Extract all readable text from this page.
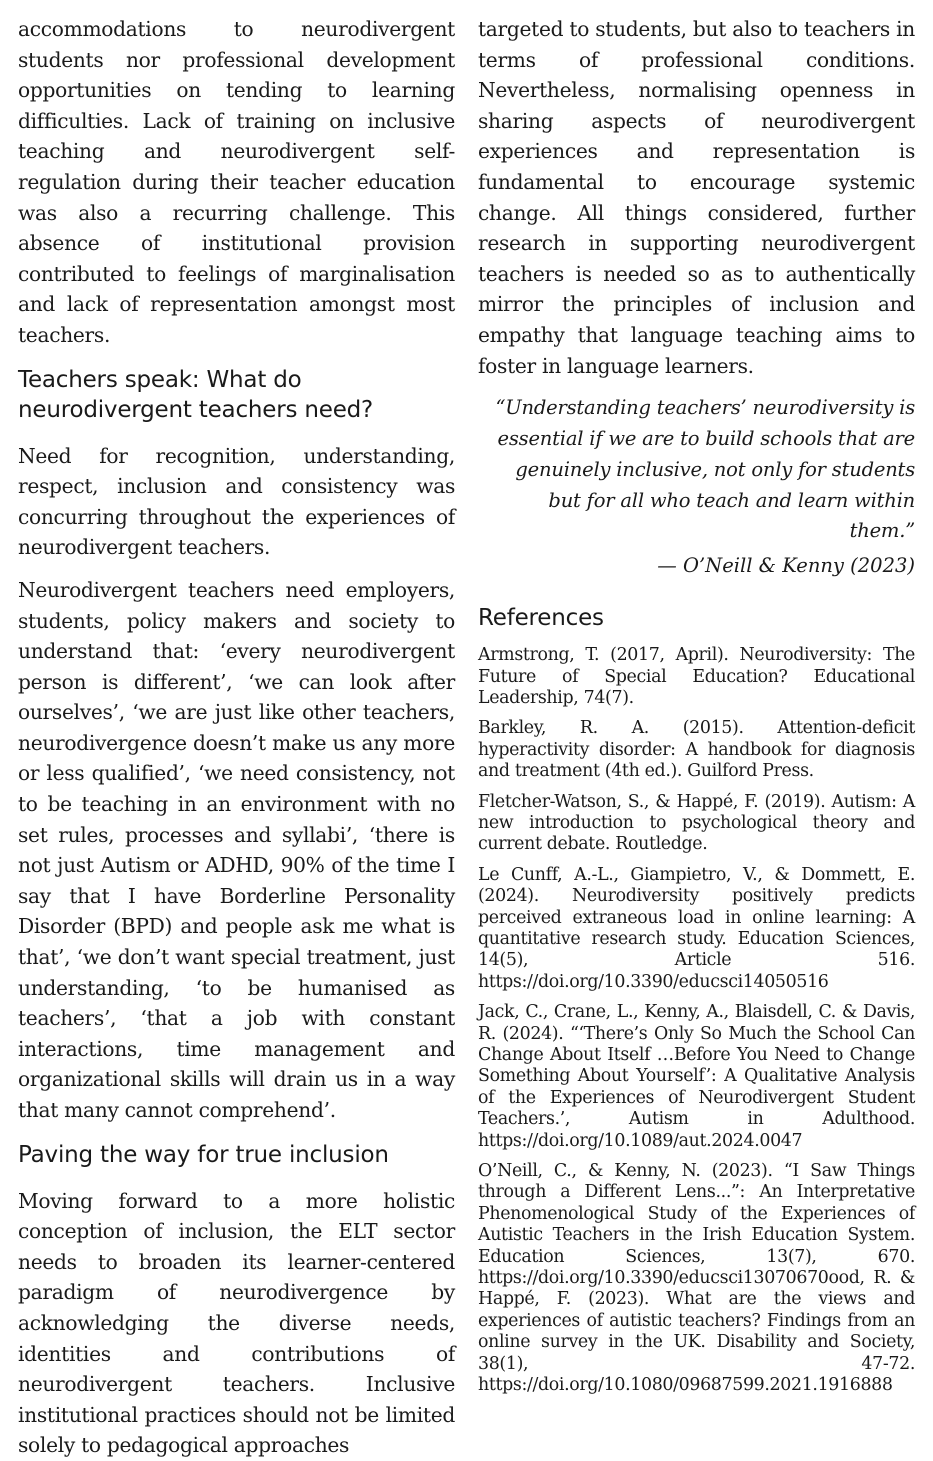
accommodations to neurodivergent students nor professional development opportunities on tending to learning difficulties. Lack of training on inclusive teaching and neurodivergent self-regulation during their teacher education was also a recurring challenge. This absence of institutional provision contributed to feelings of marginalisation and lack of representation amongst most teachers.

Teachers speak: What do neurodivergent teachers need?

Need for recognition, understanding, respect, inclusion and consistency was concurring throughout the experiences of neurodivergent teachers.

Neurodivergent teachers need employers, students, policy makers and society to understand that: ‘every neurodivergent person is different’, ‘we can look after ourselves’, ‘we are just like other teachers, neurodivergence doesn’t make us any more or less qualified’, ‘we need consistency, not to be teaching in an environment with no set rules, processes and syllabi’, ‘there is not just Autism or ADHD, 90% of the time I say that I have Borderline Personality Disorder (BPD) and people ask me what is that’, ‘we don’t want special treatment, just understanding, ‘to be humanised as teachers’, ‘that a job with constant interactions, time management and organizational skills will drain us in a way that many cannot comprehend’.

Paving the way for true inclusion

Moving forward to a more holistic conception of inclusion, the ELT sector needs to broaden its learner-centered paradigm of neurodivergence by acknowledging the diverse needs, identities and contributions of neurodivergent teachers. Inclusive institutional practices should not be limited solely to pedagogical approaches

targeted to students, but also to teachers in terms of professional conditions. Nevertheless, normalising openness in sharing aspects of neurodivergent experiences and representation is fundamental to encourage systemic change. All things considered, further research in supporting neurodivergent teachers is needed so as to authentically mirror the principles of inclusion and empathy that language teaching aims to foster in language learners.

“Understanding teachers’ neurodiversity is essential if we are to build schools that are genuinely inclusive, not only for students but for all who teach and learn within them.”

— O’Neill & Kenny (2023)

References
Armstrong, T. (2017, April). Neurodiversity: The Future of Special Education? Educational Leadership, 74(7).
Barkley, R. A. (2015). Attention-deficit hyperactivity disorder: A handbook for diagnosis and treatment (4th ed.). Guilford Press.
Fletcher-Watson, S., & Happé, F. (2019). Autism: A new introduction to psychological theory and current debate. Routledge.
Le Cunff, A.-L., Giampietro, V., & Dommett, E. (2024). Neurodiversity positively predicts perceived extraneous load in online learning: A quantitative research study. Education Sciences, 14(5), Article 516. https://doi.org/10.3390/educsci14050516
Jack, C., Crane, L., Kenny, A., Blaisdell, C. & Davis, R. (2024). “‘There’s Only So Much the School Can Change About Itself …Before You Need to Change Something About Yourself’: A Qualitative Analysis of the Experiences of Neurodivergent Student Teachers.’, Autism in Adulthood. https://doi.org/10.1089/aut.2024.0047
O’Neill, C., & Kenny, N. (2023). “I Saw Things through a Different Lens...”: An Interpretative Phenomenological Study of the Experiences of Autistic Teachers in the Irish Education System. Education Sciences, 13(7), 670. https://doi.org/10.3390/educsci13070670ood, R. & Happé, F. (2023). What are the views and experiences of autistic teachers? Findings from an online survey in the UK. Disability and Society, 38(1), 47-72. https://doi.org/10.1080/09687599.2021.1916888
